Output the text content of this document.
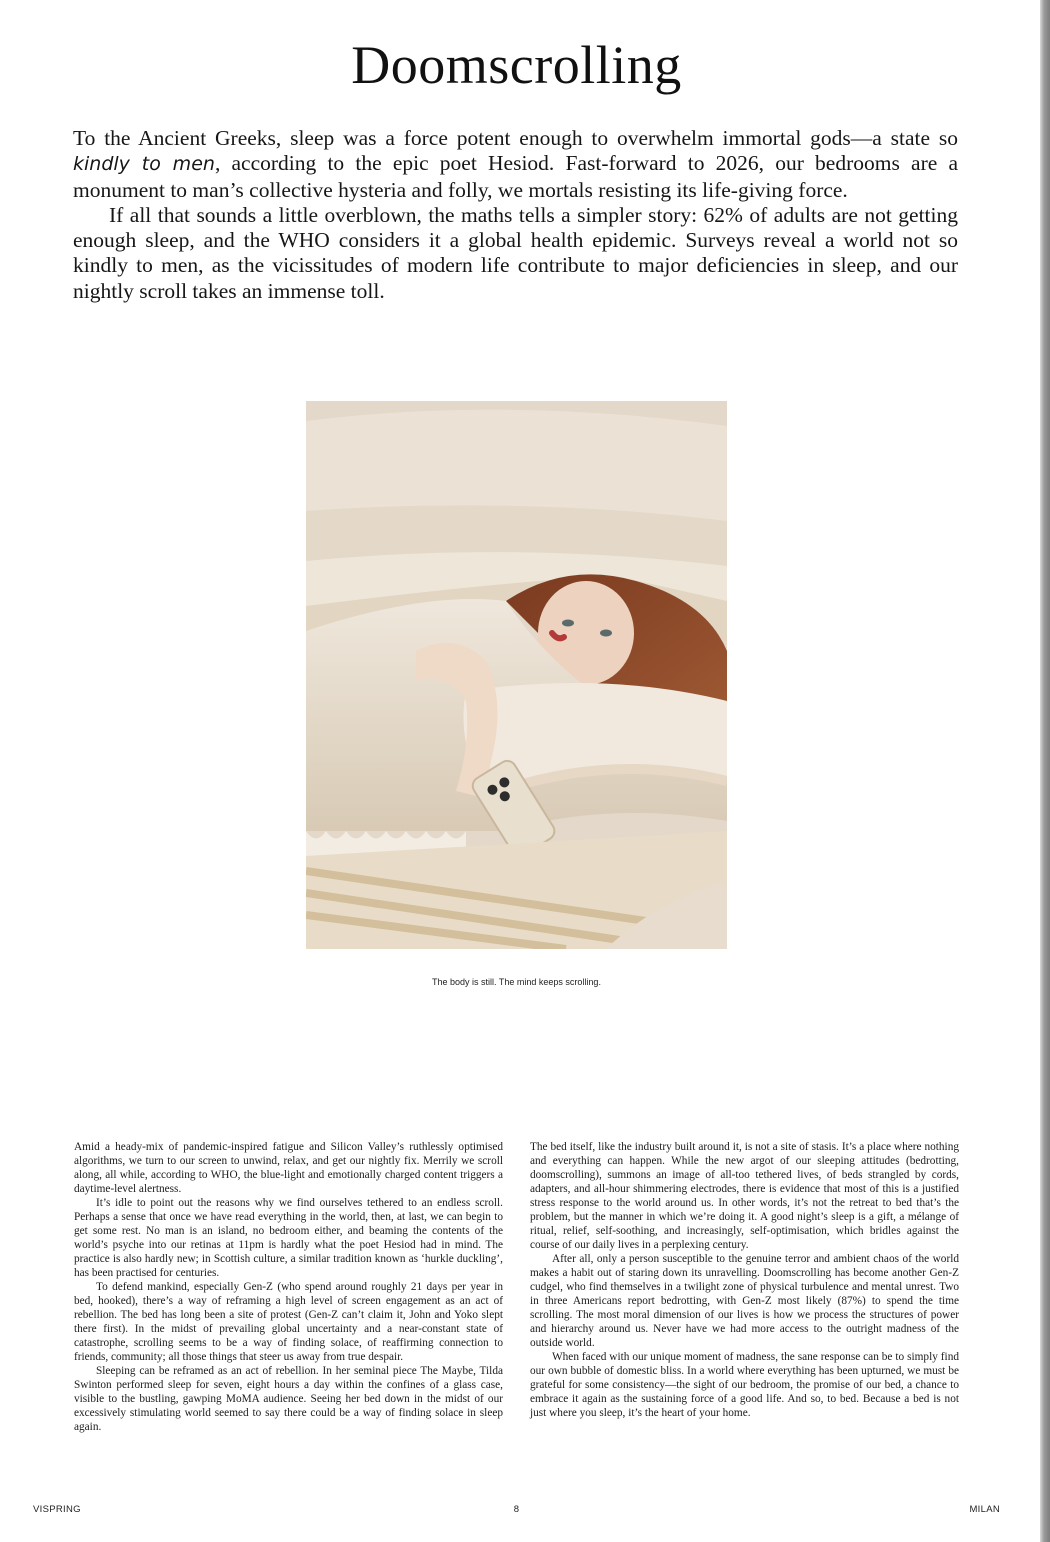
Doomscrolling

To the Ancient Greeks, sleep was a force potent enough to overwhelm immortal gods—a state so kindly to men, according to the epic poet Hesiod. Fast-forward to 2026, our bedrooms are a monument to man’s collective hysteria and folly, we mortals resisting its life-giving force.

If all that sounds a little overblown, the maths tells a simpler story: 62% of adults are not getting enough sleep, and the WHO considers it a global health epidemic. Surveys reveal a world not so kindly to men, as the vicissitudes of modern life contribute to major deficiencies in sleep, and our nightly scroll takes an immense toll.

The body is still. The mind keeps scrolling.

Amid a heady-mix of pandemic-inspired fatigue and Silicon Valley’s ruthlessly optimised algorithms, we turn to our screen to unwind, relax, and get our nightly fix. Merrily we scroll along, all while, according to WHO, the blue-light and emotionally charged content triggers a daytime-level alertness.

It’s idle to point out the reasons why we find ourselves tethered to an endless scroll. Perhaps a sense that once we have read everything in the world, then, at last, we can begin to get some rest. No man is an island, no bedroom either, and beaming the contents of the world’s psyche into our retinas at 11pm is hardly what the poet Hesiod had in mind. The practice is also hardly new; in Scottish culture, a similar tradition known as ‘hurkle duckling’, has been practised for centuries.

To defend mankind, especially Gen-Z (who spend around roughly 21 days per year in bed, hooked), there’s a way of reframing a high level of screen engagement as an act of rebellion. The bed has long been a site of protest (Gen-Z can’t claim it, John and Yoko slept there first). In the midst of prevailing global uncertainty and a near-constant state of catastrophe, scrolling seems to be a way of finding solace, of reaffirming connection to friends, community; all those things that steer us away from true despair.

Sleeping can be reframed as an act of rebellion. In her seminal piece The Maybe, Tilda Swinton performed sleep for seven, eight hours a day within the confines of a glass case, visible to the bustling, gawping MoMA audience. Seeing her bed down in the midst of our excessively stimulating world seemed to say there could be a way of finding solace in sleep again.

The bed itself, like the industry built around it, is not a site of stasis. It’s a place where nothing and everything can happen. While the new argot of our sleeping attitudes (bedrotting, doomscrolling), summons an image of all-too tethered lives, of beds strangled by cords, adapters, and all-hour shimmering electrodes, there is evidence that most of this is a justified stress response to the world around us. In other words, it’s not the retreat to bed that’s the problem, but the manner in which we’re doing it. A good night’s sleep is a gift, a mélange of ritual, relief, self-soothing, and increasingly, self-optimisation, which bridles against the course of our daily lives in a perplexing century.

After all, only a person susceptible to the genuine terror and ambient chaos of the world makes a habit out of staring down its unravelling. Doomscrolling has become another Gen-Z cudgel, who find themselves in a twilight zone of physical turbulence and mental unrest. Two in three Americans report bedrotting, with Gen-Z most likely (87%) to spend the time scrolling. The most moral dimension of our lives is how we process the structures of power and hierarchy around us. Never have we had more access to the outright madness of the outside world.

When faced with our unique moment of madness, the sane response can be to simply find our own bubble of domestic bliss. In a world where everything has been upturned, we must be grateful for some consistency—the sight of our bedroom, the promise of our bed, a chance to embrace it again as the sustaining force of a good life. And so, to bed. Because a bed is not just where you sleep, it’s the heart of your home.

VISPRING	8	MILAN
